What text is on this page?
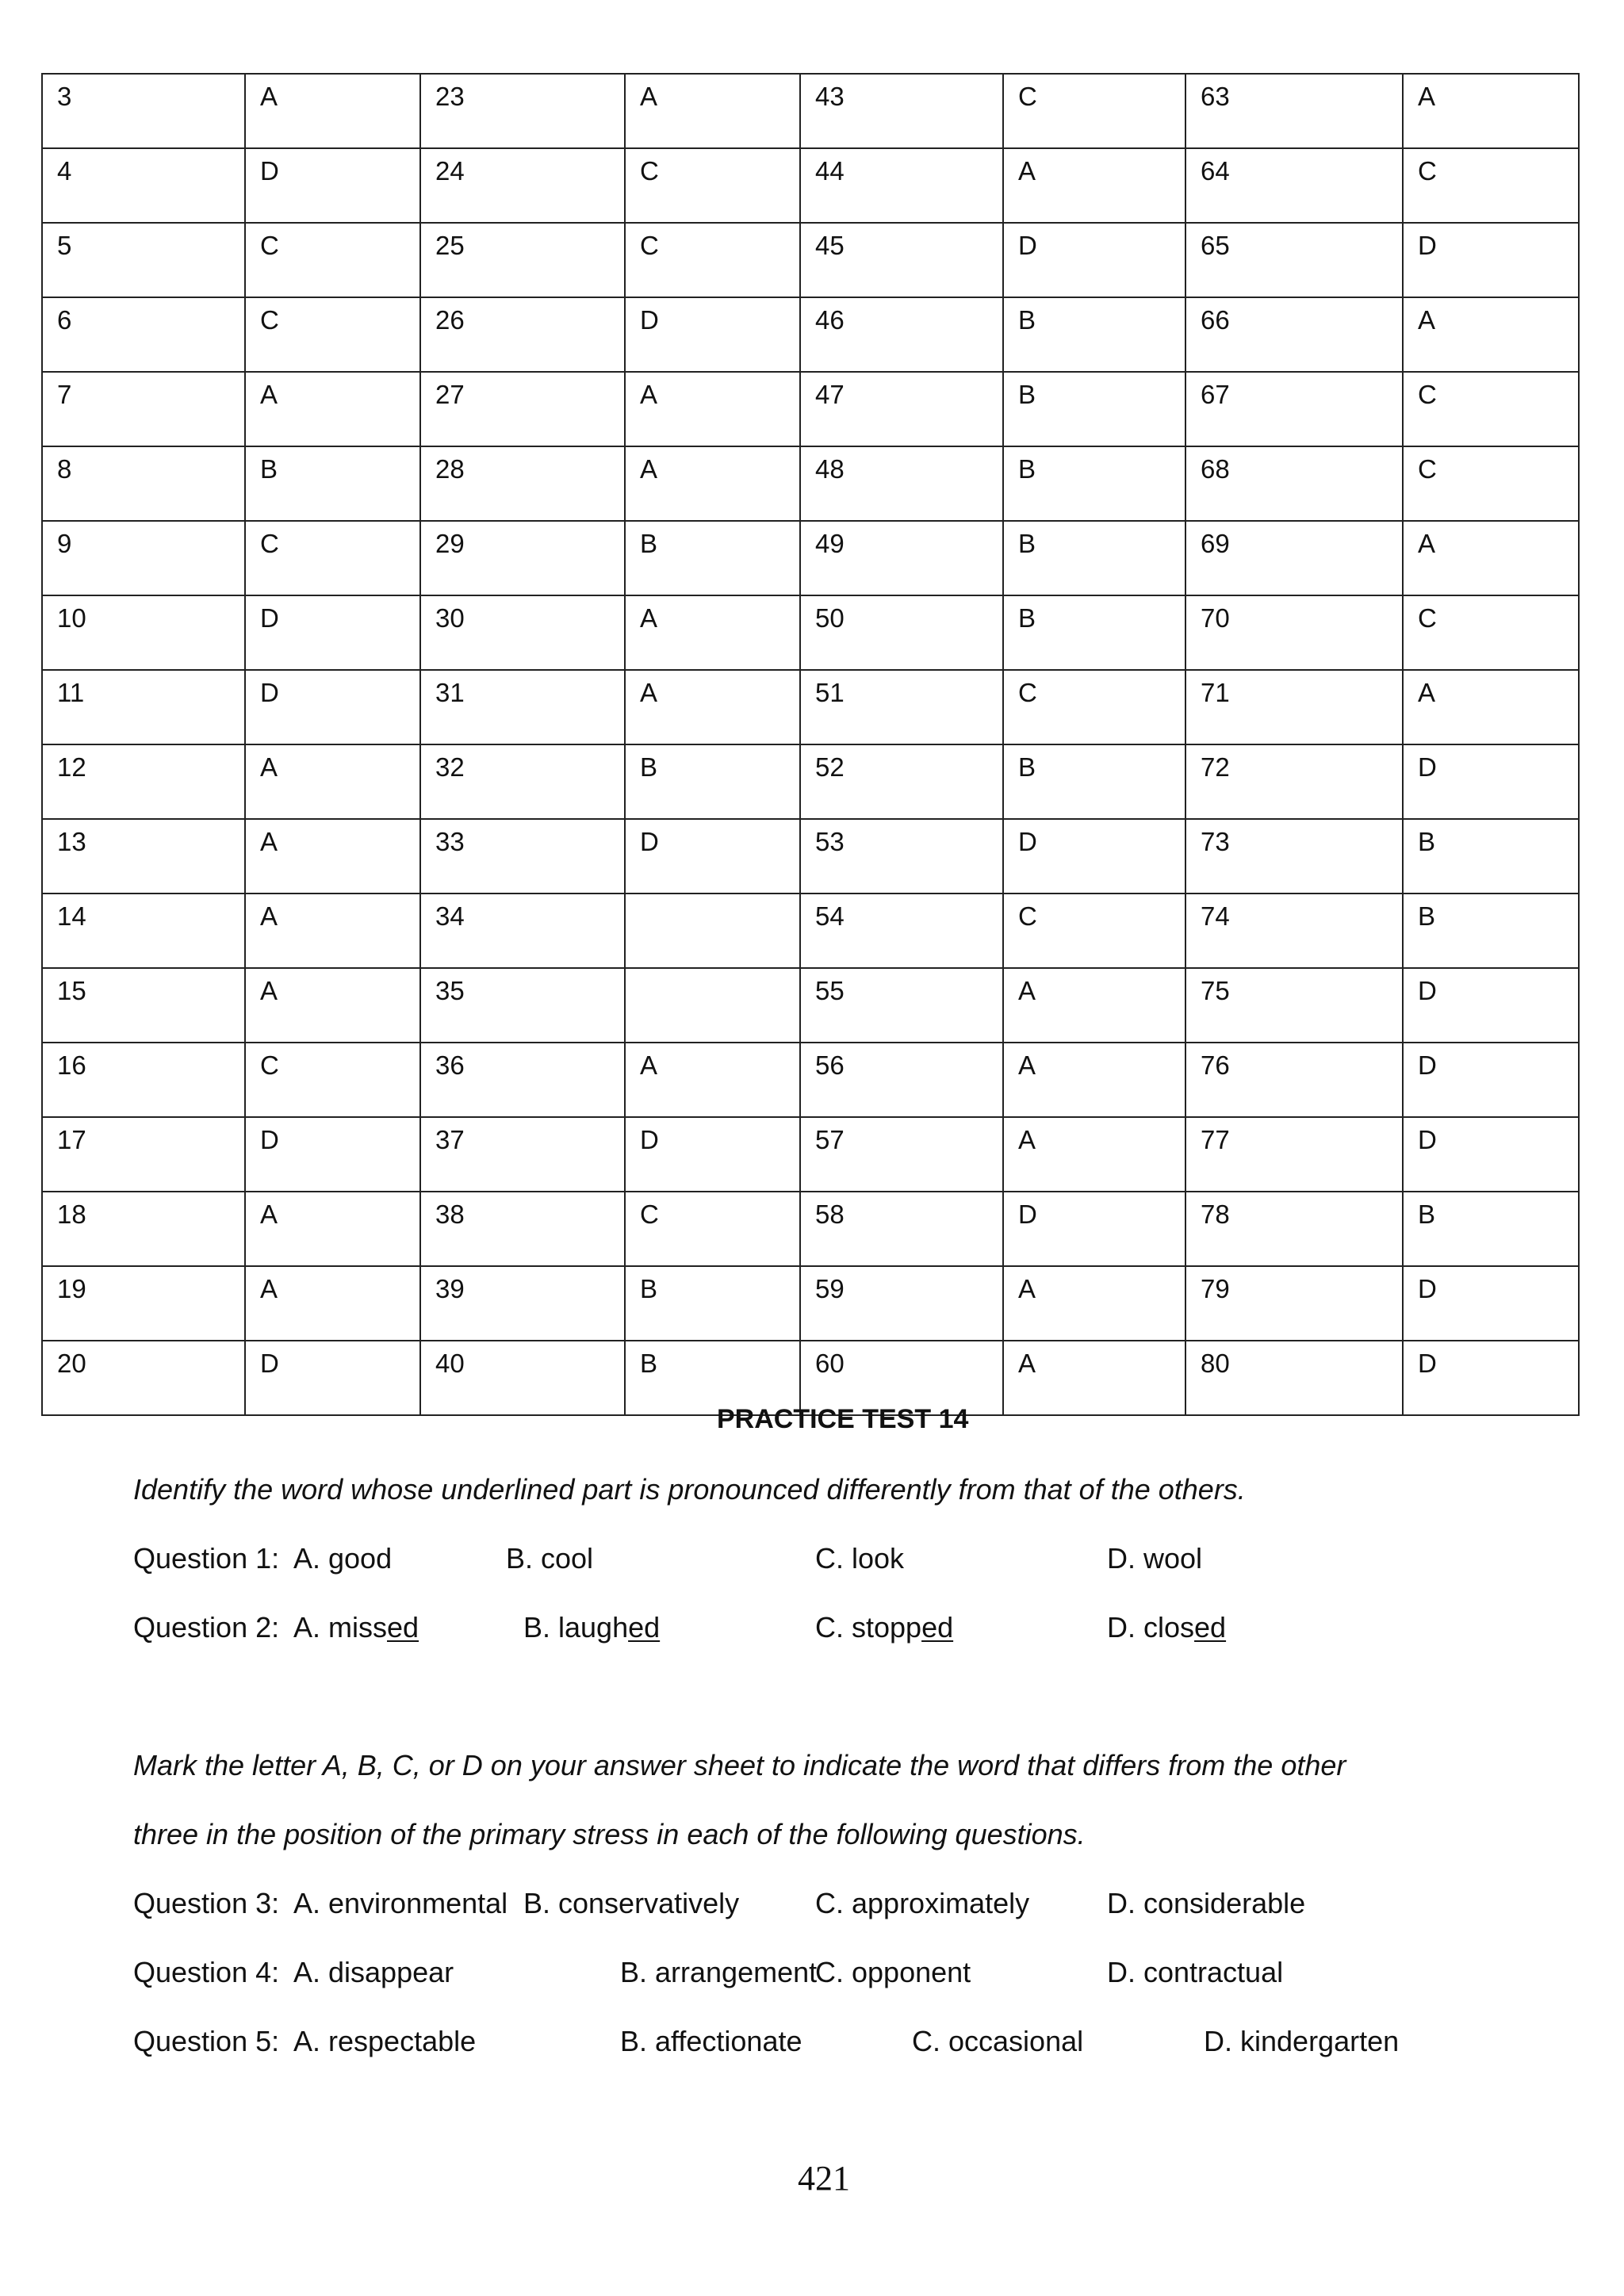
3	A	23	A	43	C	63	A
4	D	24	C	44	A	64	C
5	C	25	C	45	D	65	D
6	C	26	D	46	B	66	A
7	A	27	A	47	B	67	C
8	B	28	A	48	B	68	C
9	C	29	B	49	B	69	A
10	D	30	A	50	B	70	C
11	D	31	A	51	C	71	A
12	A	32	B	52	B	72	D
13	A	33	D	53	D	73	B
14	A	34		54	C	74	B
15	A	35		55	A	75	D
16	C	36	A	56	A	76	D
17	D	37	D	57	A	77	D
18	A	38	C	58	D	78	B
19	A	39	B	59	A	79	D
20	D	40	B	60	A	80	D
PRACTICE TEST 14
Identify the word whose underlined part is pronounced differently from that of the others.
Question 1: A. good	B. cool	C. look	D. wool
Question 2: A. missed	B. laughed	C. stopped	D. closed
Mark the letter A, B, C, or D on your answer sheet to indicate the word that differs from the other
three in the position of the primary stress in each of the following questions.
Question 3: A. environmental B. conservatively	C. approximately	D. considerable
Question 4: A. disappear	B. arrangement
C. opponent	D. contractual
Question 5: A. respectable	B. affectionate	C. occasional	D. kindergarten
421
